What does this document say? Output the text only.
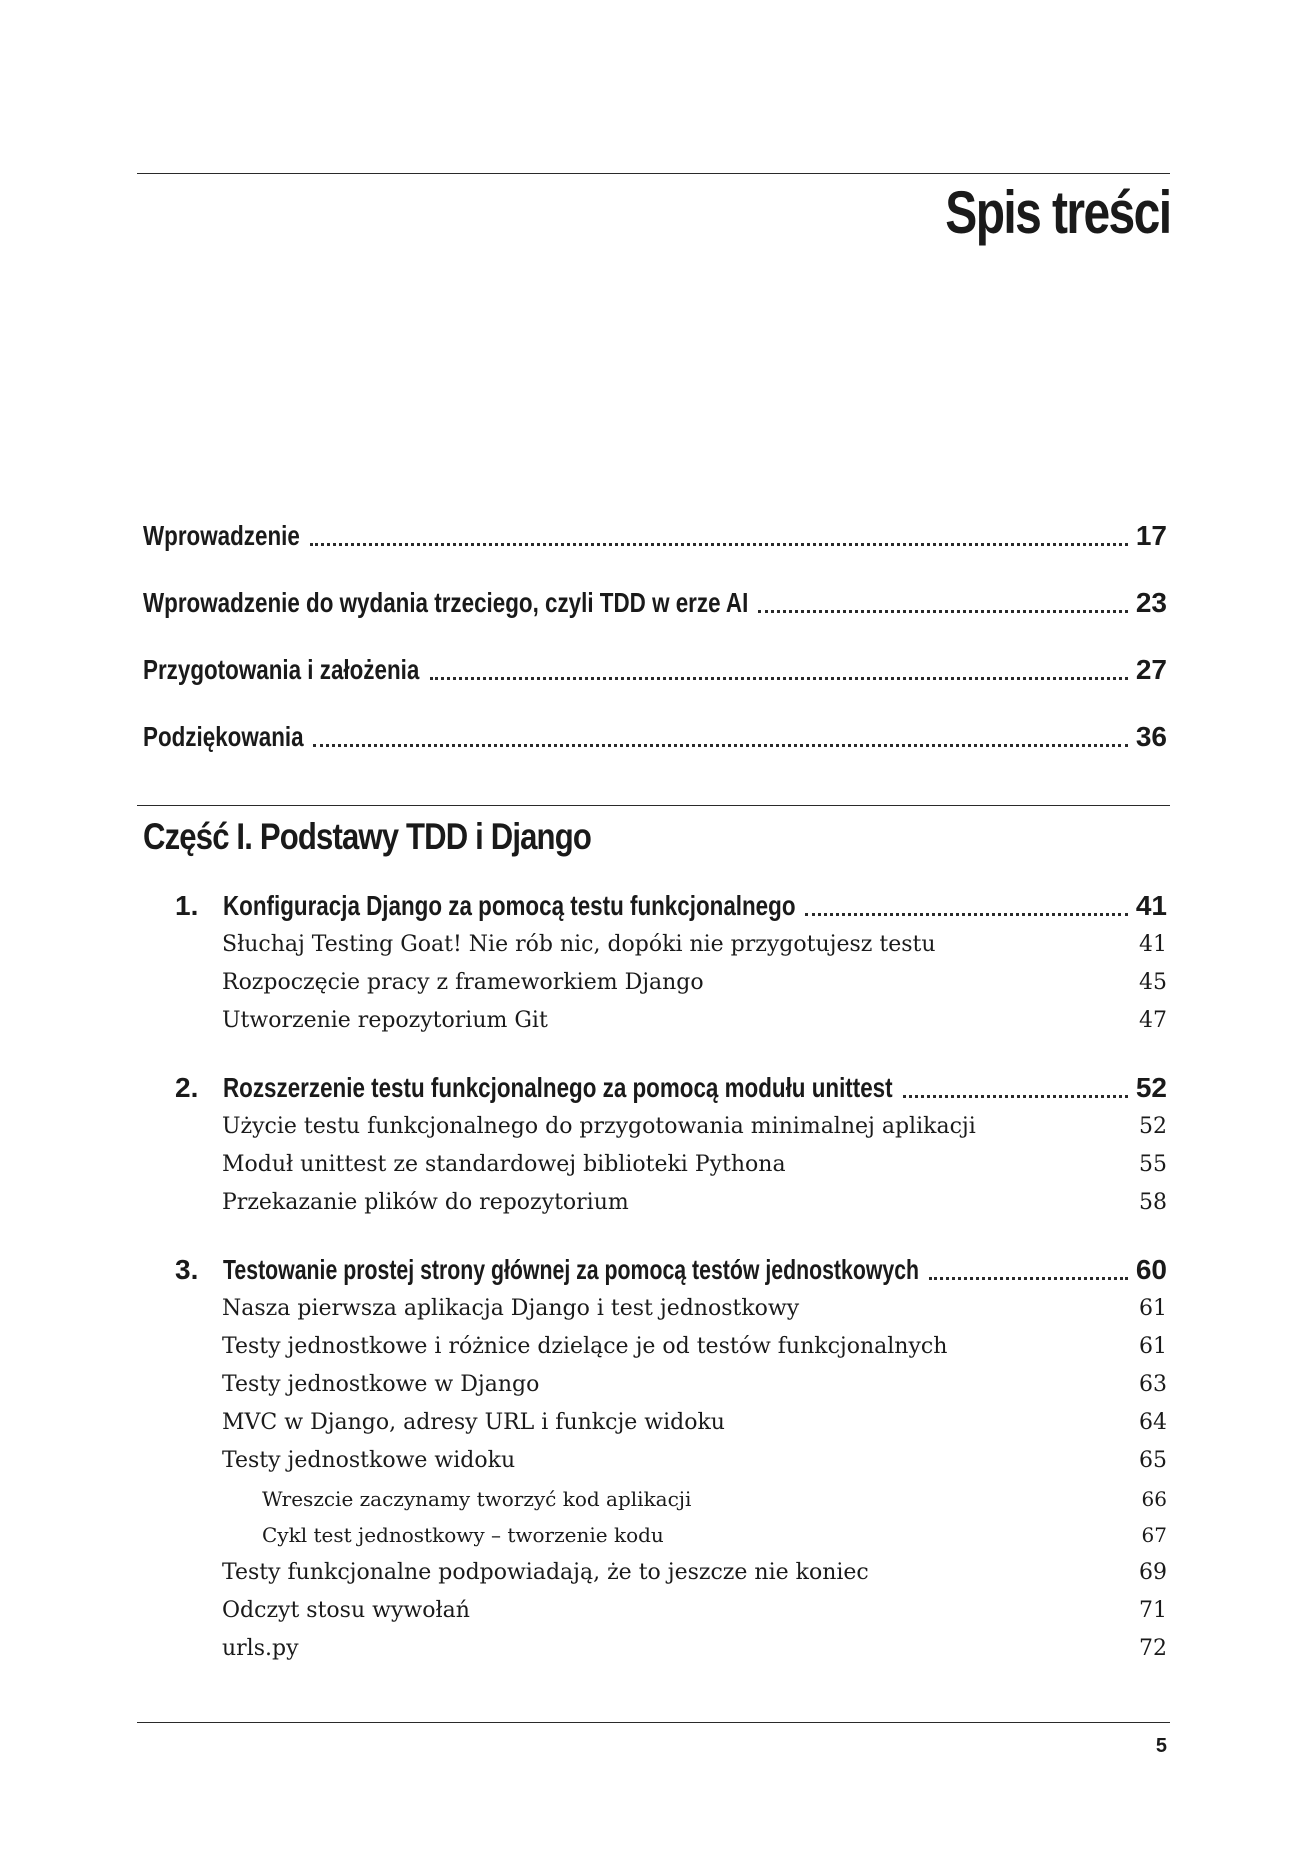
Spis treści
Wprowadzenie	17
Wprowadzenie do wydania trzeciego, czyli TDD w erze AI	23
Przygotowania i założenia	27
Podziękowania	36
Część I. Podstawy TDD i Django
1. Konfiguracja Django za pomocą testu funkcjonalnego	41
Słuchaj Testing Goat! Nie rób nic, dopóki nie przygotujesz testu	41
Rozpoczęcie pracy z frameworkiem Django	45
Utworzenie repozytorium Git	47
2. Rozszerzenie testu funkcjonalnego za pomocą modułu unittest	52
Użycie testu funkcjonalnego do przygotowania minimalnej aplikacji	52
Moduł unittest ze standardowej biblioteki Pythona	55
Przekazanie plików do repozytorium	58
3. Testowanie prostej strony głównej za pomocą testów jednostkowych	60
Nasza pierwsza aplikacja Django i test jednostkowy	61
Testy jednostkowe i różnice dzielące je od testów funkcjonalnych	61
Testy jednostkowe w Django	63
MVC w Django, adresy URL i funkcje widoku	64
Testy jednostkowe widoku	65
Wreszcie zaczynamy tworzyć kod aplikacji	66
Cykl test jednostkowy – tworzenie kodu	67
Testy funkcjonalne podpowiadają, że to jeszcze nie koniec	69
Odczyt stosu wywołań	71
urls.py	72
5
